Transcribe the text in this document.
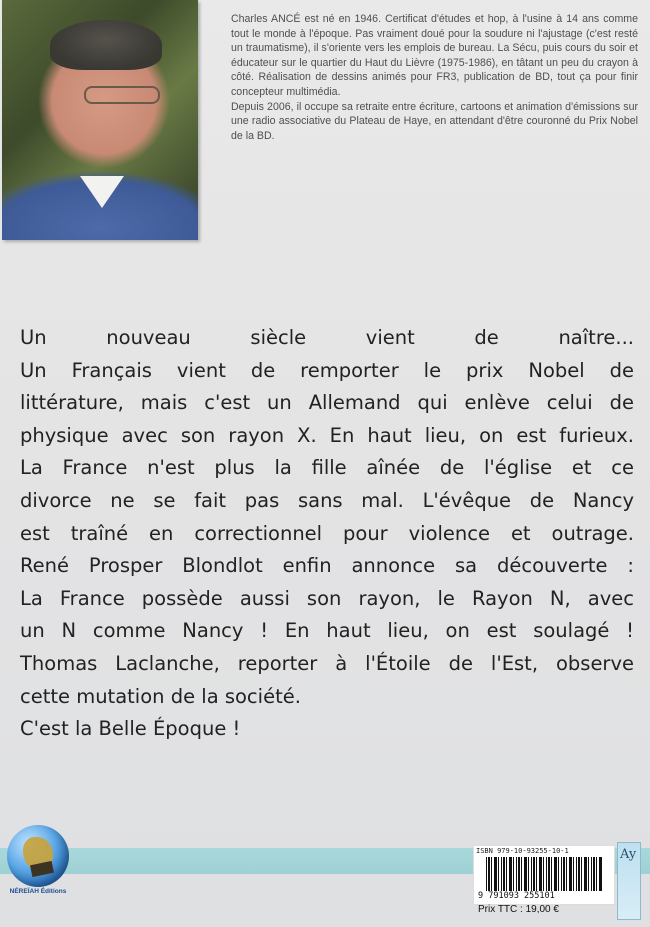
Charles ANCÉ est né en 1946. Certificat d'études et hop, à l'usine à 14 ans comme tout le monde à l'époque. Pas vraiment doué pour la soudure ni l'ajustage (c'est resté un traumatisme), il s'oriente vers les emplois de bureau. La Sécu, puis cours du soir et éducateur sur le quartier du Haut du Lièvre (1975-1986), en tâtant un peu du crayon à côté. Réalisation de dessins animés pour FR3, publication de BD, tout ça pour finir concepteur multimédia.

Depuis 2006, il occupe sa retraite entre écriture, cartoons et animation d'émissions sur une radio associative du Plateau de Haye, en attendant d'être couronné du Prix Nobel de la BD.

Un nouveau siècle vient de naître...

Un Français vient de remporter le prix Nobel de

littérature, mais c'est un Allemand qui enlève celui de

physique avec son rayon X. En haut lieu, on est furieux.

La France n'est plus la fille aînée de l'église et ce

divorce ne se fait pas sans mal. L'évêque de Nancy

est traîné en correctionnel pour violence et outrage.

René Prosper Blondlot enfin annonce sa découverte :

La France possède aussi son rayon, le Rayon N, avec

un N comme Nancy ! En haut lieu, on est soulagé !

Thomas Laclanche, reporter à l'Étoile de l'Est, observe

cette mutation de la société.

C'est la Belle Époque !

NÉREÏAH Éditions
ISBN 979-10-93255-10-1
9 791093 255101
Prix TTC : 19,00 €
Ay
